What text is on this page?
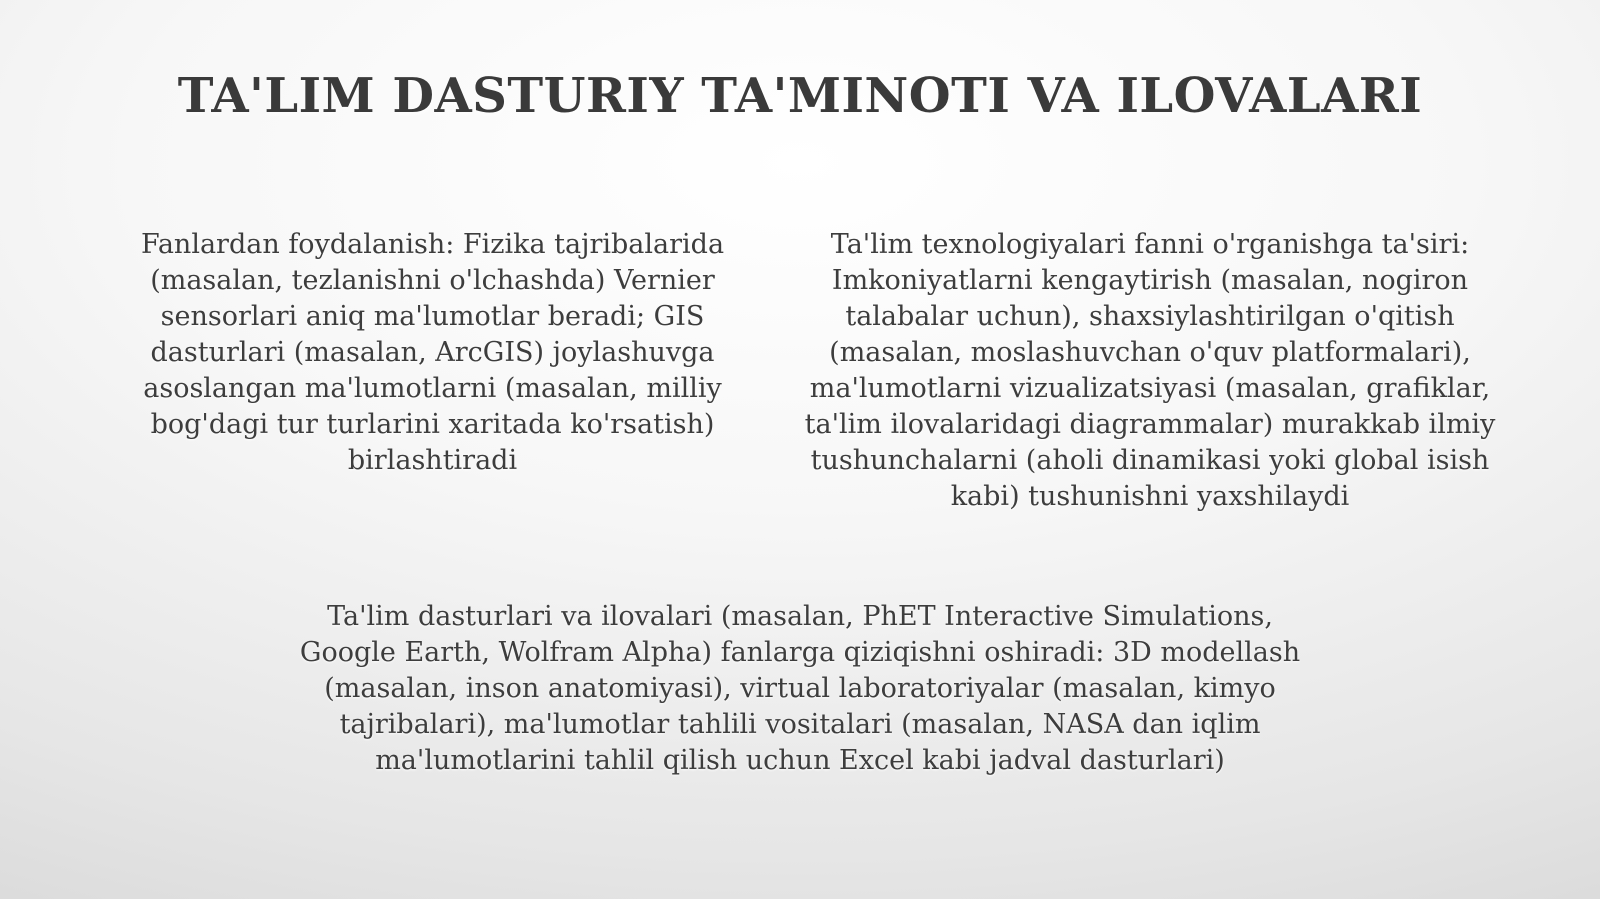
TA'LIM DASTURIY TA'MINOTI VA ILOVALARI
Fanlardan foydalanish: Fizika tajribalarida (masalan, tezlanishni o'lchashda) Vernier sensorlari aniq ma'lumotlar beradi; GIS dasturlari (masalan, ArcGIS) joylashuvga asoslangan ma'lumotlarni (masalan, milliy bog'dagi tur turlarini xaritada ko'rsatish) birlashtiradi
Ta'lim texnologiyalari fanni o'rganishga ta'siri: Imkoniyatlarni kengaytirish (masalan, nogiron talabalar uchun), shaxsiylashtirilgan o'qitish (masalan, moslashuvchan o'quv platformalari), ma'lumotlarni vizualizatsiyasi (masalan, grafiklar, ta'lim ilovalaridagi diagrammalar) murakkab ilmiy tushunchalarni (aholi dinamikasi yoki global isish kabi) tushunishni yaxshilaydi
Ta'lim dasturlari va ilovalari (masalan, PhET Interactive Simulations, Google Earth, Wolfram Alpha) fanlarga qiziqishni oshiradi: 3D modellash (masalan, inson anatomiyasi), virtual laboratoriyalar (masalan, kimyo tajribalari), ma'lumotlar tahlili vositalari (masalan, NASA dan iqlim ma'lumotlarini tahlil qilish uchun Excel kabi jadval dasturlari)
